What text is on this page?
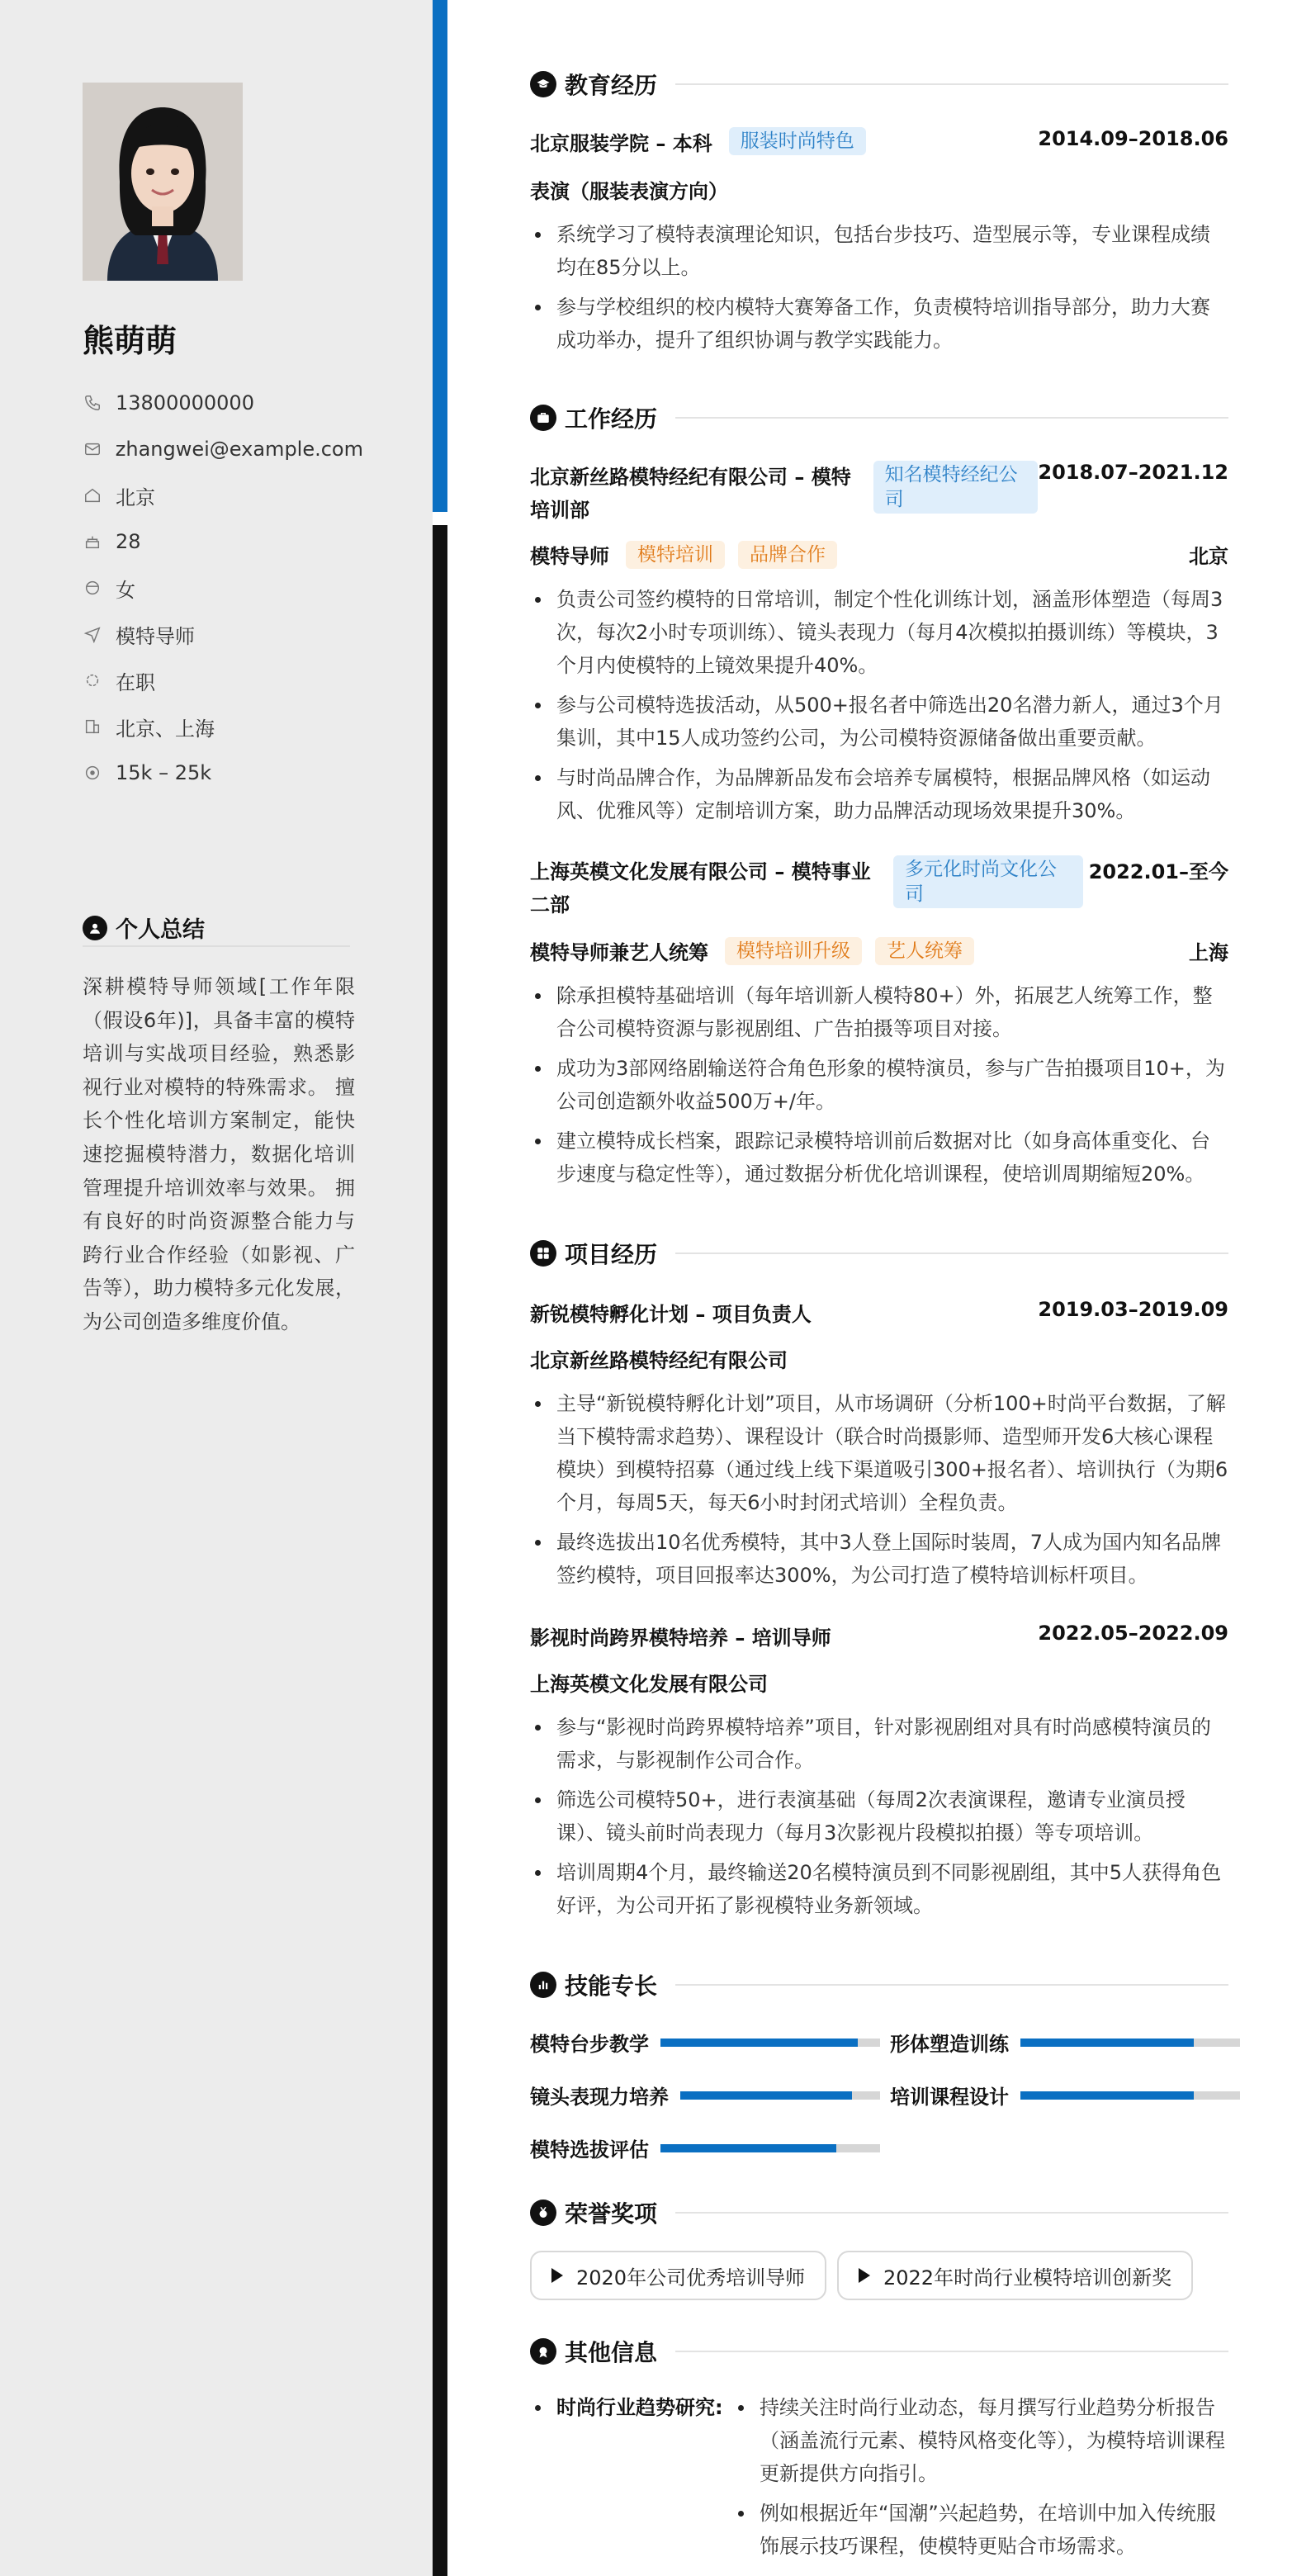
熊萌萌
13800000000
zhangwei@example.com
北京
28
女
模特导师
在职
北京、上海
15k – 25k
个人总结
深耕模特导师领域[工作年限（假设6年)]，具备丰富的模特培训与实战项目经验，熟悉影视行业对模特的特殊需求。 擅长个性化培训方案制定，能快速挖掘模特潜力，数据化培训管理提升培训效率与效果。 拥有良好的时尚资源整合能力与跨行业合作经验（如影视、广告等），助力模特多元化发展，为公司创造多维度价值。
教育经历
北京服装学院 – 本科	服装时尚特色	2014.09–2018.06
表演（服装表演方向）
系统学习了模特表演理论知识，包括台步技巧、造型展示等，专业课程成绩均在85分以上。
参与学校组织的校内模特大赛筹备工作，负责模特培训指导部分，助力大赛成功举办，提升了组织协调与教学实践能力。
工作经历
北京新丝路模特经纪有限公司 – 模特培训部
知名模特经纪公司
2018.07–2021.12
模特导师	模特培训	品牌合作	北京
负责公司签约模特的日常培训，制定个性化训练计划，涵盖形体塑造（每周3次，每次2小时专项训练）、镜头表现力（每月4次模拟拍摄训练）等模块，3个月内使模特的上镜效果提升40%。
参与公司模特选拔活动，从500+报名者中筛选出20名潜力新人，通过3个月集训，其中15人成功签约公司，为公司模特资源储备做出重要贡献。
与时尚品牌合作，为品牌新品发布会培养专属模特，根据品牌风格（如运动风、优雅风等）定制培训方案，助力品牌活动现场效果提升30%。
上海英模文化发展有限公司 – 模特事业二部
多元化时尚文化公司
2022.01–至今
模特导师兼艺人统筹	模特培训升级	艺人统筹	上海
除承担模特基础培训（每年培训新人模特80+）外，拓展艺人统筹工作，整合公司模特资源与影视剧组、广告拍摄等项目对接。
成功为3部网络剧输送符合角色形象的模特演员，参与广告拍摄项目10+，为公司创造额外收益500万+/年。
建立模特成长档案，跟踪记录模特培训前后数据对比（如身高体重变化、台步速度与稳定性等），通过数据分析优化培训课程，使培训周期缩短20%。
项目经历
新锐模特孵化计划 – 项目负责人	2019.03–2019.09
北京新丝路模特经纪有限公司
主导“新锐模特孵化计划”项目，从市场调研（分析100+时尚平台数据，了解当下模特需求趋势）、课程设计（联合时尚摄影师、造型师开发6大核心课程模块）到模特招募（通过线上线下渠道吸引300+报名者）、培训执行（为期6个月，每周5天，每天6小时封闭式培训）全程负责。
最终选拔出10名优秀模特，其中3人登上国际时装周，7人成为国内知名品牌签约模特，项目回报率达300%，为公司打造了模特培训标杆项目。
影视时尚跨界模特培养 – 培训导师	2022.05–2022.09
上海英模文化发展有限公司
参与“影视时尚跨界模特培养”项目，针对影视剧组对具有时尚感模特演员的需求，与影视制作公司合作。
筛选公司模特50+，进行表演基础（每周2次表演课程，邀请专业演员授课）、镜头前时尚表现力（每月3次影视片段模拟拍摄）等专项培训。
培训周期4个月，最终输送20名模特演员到不同影视剧组，其中5人获得角色好评，为公司开拓了影视模特业务新领域。
技能专长
模特台步教学	形体塑造训练
镜头表现力培养	培训课程设计
模特选拔评估
荣誉奖项
2020年公司优秀培训导师	2022年时尚行业模特培训创新奖
其他信息
时尚行业趋势研究:	持续关注时尚行业动态，每月撰写行业趋势分析报告（涵盖流行元素、模特风格变化等），为模特培训课程更新提供方向指引。
例如根据近年“国潮”兴起趋势，在培训中加入传统服饰展示技巧课程，使模特更贴合市场需求。
